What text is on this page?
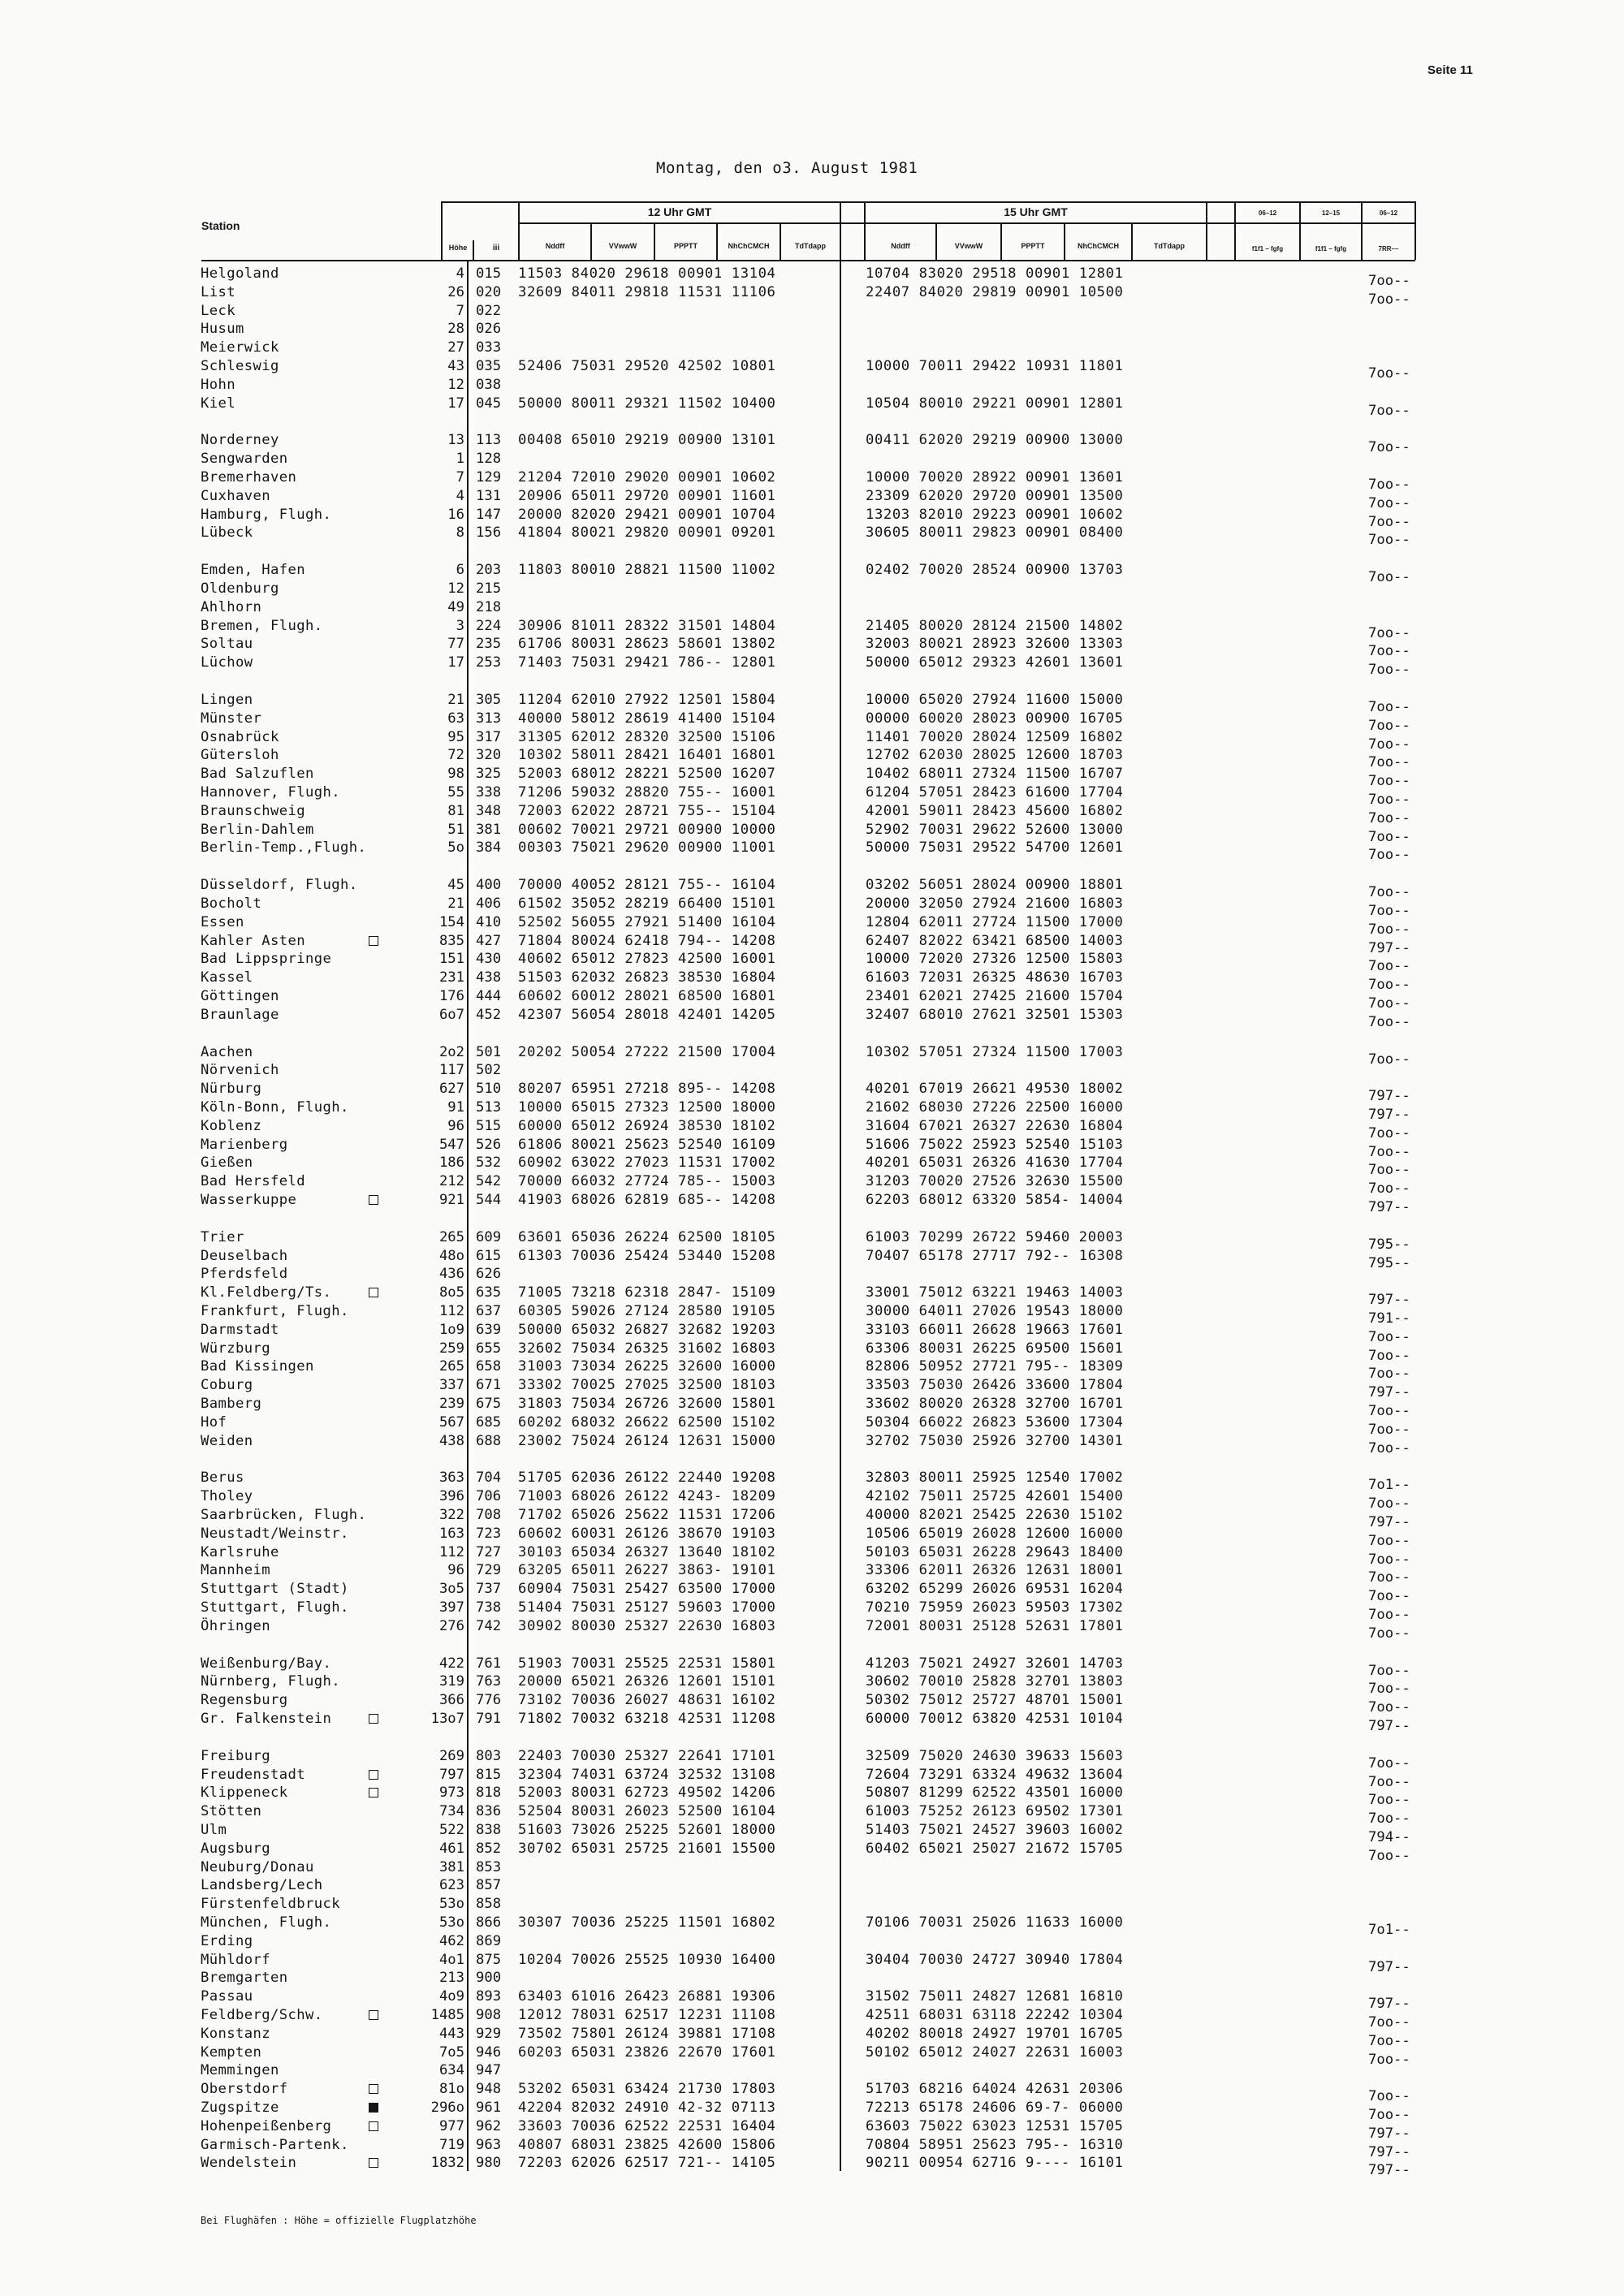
Seite 11
Montag, den o3. August 1981
Station
Höhe	iii
12 Uhr GMT	15 Uhr GMT
Nddff	VVwwW	PPPTT	NhChCMCH	TdTdapp	Nddff	VVwwW	PPPTT	NhChCMCH	TdTdapp
06–12	12–15	06–12
f1f1 – fgfg	f1f1 – fgfg	7RR––
Helgoland	4 015 11503 84020 29618 00901 13104	10704 83020 29518 00901 12801	7oo--
List	26 020 32609 84011 29818 11531 11106	22407 84020 29819 00901 10500	7oo--
Leck	7 022
Husum	28 026
Meierwick	27 033
Schleswig	43 035 52406 75031 29520 42502 10801	10000 70011 29422 10931 11801	7oo--
Hohn	12 038
Kiel	17 045 50000 80011 29321 11502 10400	10504 80010 29221 00901 12801	7oo--
Norderney	13 113 00408 65010 29219 00900 13101	00411 62020 29219 00900 13000	7oo--
Sengwarden	1 128
Bremerhaven	7 129 21204 72010 29020 00901 10602	10000 70020 28922 00901 13601	7oo--
Cuxhaven	4 131 20906 65011 29720 00901 11601	23309 62020 29720 00901 13500	7oo--
Hamburg, Flugh.	16 147 20000 82020 29421 00901 10704	13203 82010 29223 00901 10602	7oo--
Lübeck	8 156 41804 80021 29820 00901 09201	30605 80011 29823 00901 08400	7oo--
Emden, Hafen	6 203 11803 80010 28821 11500 11002	02402 70020 28524 00900 13703	7oo--
Oldenburg	12 215
Ahlhorn	49 218
Bremen, Flugh.	3 224 30906 81011 28322 31501 14804	21405 80020 28124 21500 14802	7oo--
Soltau	77 235 61706 80031 28623 58601 13802	32003 80021 28923 32600 13303	7oo--
Lüchow	17 253 71403 75031 29421 786-- 12801	50000 65012 29323 42601 13601	7oo--
Lingen	21 305 11204 62010 27922 12501 15804	10000 65020 27924 11600 15000	7oo--
Münster	63 313 40000 58012 28619 41400 15104	00000 60020 28023 00900 16705	7oo--
Osnabrück	95 317 31305 62012 28320 32500 15106	11401 70020 28024 12509 16802	7oo--
Gütersloh	72 320 10302 58011 28421 16401 16801	12702 62030 28025 12600 18703	7oo--
Bad Salzuflen	98 325 52003 68012 28221 52500 16207	10402 68011 27324 11500 16707	7oo--
Hannover, Flugh.	55 338 71206 59032 28820 755-- 16001	61204 57051 28423 61600 17704	7oo--
Braunschweig	81 348 72003 62022 28721 755-- 15104	42001 59011 28423 45600 16802	7oo--
Berlin-Dahlem	51 381 00602 70021 29721 00900 10000	52902 70031 29622 52600 13000	7oo--
Berlin-Temp.,Flugh.	5o 384 00303 75021 29620 00900 11001	50000 75031 29522 54700 12601	7oo--
Düsseldorf, Flugh.	45 400 70000 40052 28121 755-- 16104	03202 56051 28024 00900 18801	7oo--
Bocholt	21 406 61502 35052 28219 66400 15101	20000 32050 27924 21600 16803	7oo--
Essen	154 410 52502 56055 27921 51400 16104	12804 62011 27724 11500 17000	7oo--
Kahler Asten	835 427 71804 80024 62418 794-- 14208	62407 82022 63421 68500 14003	797--
Bad Lippspringe	151 430 40602 65012 27823 42500 16001	10000 72020 27326 12500 15803	7oo--
Kassel	231 438 51503 62032 26823 38530 16804	61603 72031 26325 48630 16703	7oo--
Göttingen	176 444 60602 60012 28021 68500 16801	23401 62021 27425 21600 15704	7oo--
Braunlage	6o7 452 42307 56054 28018 42401 14205	32407 68010 27621 32501 15303	7oo--
Aachen	2o2 501 20202 50054 27222 21500 17004	10302 57051 27324 11500 17003	7oo--
Nörvenich	117 502
Nürburg	627 510 80207 65951 27218 895-- 14208	40201 67019 26621 49530 18002	797--
Köln-Bonn, Flugh.	91 513 10000 65015 27323 12500 18000	21602 68030 27226 22500 16000	797--
Koblenz	96 515 60000 65012 26924 38530 18102	31604 67021 26327 22630 16804	7oo--
Marienberg	547 526 61806 80021 25623 52540 16109	51606 75022 25923 52540 15103	7oo--
Gießen	186 532 60902 63022 27023 11531 17002	40201 65031 26326 41630 17704	7oo--
Bad Hersfeld	212 542 70000 66032 27724 785-- 15003	31203 70020 27526 32630 15500	7oo--
Wasserkuppe	921 544 41903 68026 62819 685-- 14208	62203 68012 63320 5854- 14004	797--
Trier	265 609 63601 65036 26224 62500 18105	61003 70299 26722 59460 20003	795--
Deuselbach	48o 615 61303 70036 25424 53440 15208	70407 65178 27717 792-- 16308	795--
Pferdsfeld	436 626
Kl.Feldberg/Ts.	8o5 635 71005 73218 62318 2847- 15109	33001 75012 63221 19463 14003	797--
Frankfurt, Flugh.	112 637 60305 59026 27124 28580 19105	30000 64011 27026 19543 18000	791--
Darmstadt	1o9 639 50000 65032 26827 32682 19203	33103 66011 26628 19663 17601	7oo--
Würzburg	259 655 32602 75034 26325 31602 16803	63306 80031 26225 69500 15601	7oo--
Bad Kissingen	265 658 31003 73034 26225 32600 16000	82806 50952 27721 795-- 18309	7oo--
Coburg	337 671 33302 70025 27025 32500 18103	33503 75030 26426 33600 17804	797--
Bamberg	239 675 31803 75034 26726 32600 15801	33602 80020 26328 32700 16701	7oo--
Hof	567 685 60202 68032 26622 62500 15102	50304 66022 26823 53600 17304	7oo--
Weiden	438 688 23002 75024 26124 12631 15000	32702 75030 25926 32700 14301	7oo--
Berus	363 704 51705 62036 26122 22440 19208	32803 80011 25925 12540 17002	7o1--
Tholey	396 706 71003 68026 26122 4243- 18209	42102 75011 25725 42601 15400	7oo--
Saarbrücken, Flugh.	322 708 71702 65026 25622 11531 17206	40000 82021 25425 22630 15102	797--
Neustadt/Weinstr.	163 723 60602 60031 26126 38670 19103	10506 65019 26028 12600 16000	7oo--
Karlsruhe	112 727 30103 65034 26327 13640 18102	50103 65031 26228 29643 18400	7oo--
Mannheim	96 729 63205 65011 26227 3863- 19101	33306 62011 26326 12631 18001	7oo--
Stuttgart (Stadt)	3o5 737 60904 75031 25427 63500 17000	63202 65299 26026 69531 16204	7oo--
Stuttgart, Flugh.	397 738 51404 75031 25127 59603 17000	70210 75959 26023 59503 17302	7oo--
Öhringen	276 742 30902 80030 25327 22630 16803	72001 80031 25128 52631 17801	7oo--
Weißenburg/Bay.	422 761 51903 70031 25525 22531 15801	41203 75021 24927 32601 14703	7oo--
Nürnberg, Flugh.	319 763 20000 65021 26326 12601 15101	30602 70010 25828 32701 13803	7oo--
Regensburg	366 776 73102 70036 26027 48631 16102	50302 75012 25727 48701 15001	7oo--
Gr. Falkenstein	13o7 791 71802 70032 63218 42531 11208	60000 70012 63820 42531 10104	797--
Freiburg	269 803 22403 70030 25327 22641 17101	32509 75020 24630 39633 15603	7oo--
Freudenstadt	797 815 32304 74031 63724 32532 13108	72604 73291 63324 49632 13604	7oo--
Klippeneck	973 818 52003 80031 62723 49502 14206	50807 81299 62522 43501 16000	7oo--
Stötten	734 836 52504 80031 26023 52500 16104	61003 75252 26123 69502 17301	7oo--
Ulm	522 838 51603 73026 25225 52601 18000	51403 75021 24527 39603 16002	794--
Augsburg	461 852 30702 65031 25725 21601 15500	60402 65021 25027 21672 15705	7oo--
Neuburg/Donau	381 853
Landsberg/Lech	623 857
Fürstenfeldbruck	53o 858
München, Flugh.	53o 866 30307 70036 25225 11501 16802	70106 70031 25026 11633 16000	7o1--
Erding	462 869
Mühldorf	4o1 875 10204 70026 25525 10930 16400	30404 70030 24727 30940 17804	797--
Bremgarten	213 900
Passau	4o9 893 63403 61016 26423 26881 19306	31502 75011 24827 12681 16810	797--
Feldberg/Schw.	1485 908 12012 78031 62517 12231 11108	42511 68031 63118 22242 10304	7oo--
Konstanz	443 929 73502 75801 26124 39881 17108	40202 80018 24927 19701 16705	7oo--
Kempten	7o5 946 60203 65031 23826 22670 17601	50102 65012 24027 22631 16003	7oo--
Memmingen	634 947
Oberstdorf	81o 948 53202 65031 63424 21730 17803	51703 68216 64024 42631 20306	7oo--
Zugspitze	296o 961 42204 82032 24910 42-32 07113	72213 65178 24606 69-7- 06000	7oo--
Hohenpeißenberg	977 962 33603 70036 62522 22531 16404	63603 75022 63023 12531 15705	797--
Garmisch-Partenk.	719 963 40807 68031 23825 42600 15806	70804 58951 25623 795-- 16310	797--
Wendelstein	1832 980 72203 62026 62517 721-- 14105	90211 00954 62716 9---- 16101	797--
Bei Flughäfen : Höhe = offizielle Flugplatzhöhe
